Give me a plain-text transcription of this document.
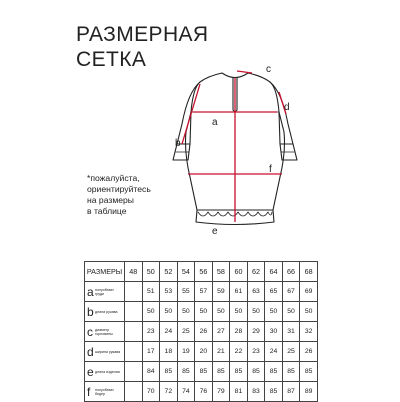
РАЗМЕРНАЯ
СЕТКА	c
d
a
b
f
e
*пожалуйста,
ориентируйтесь
на размеры
в таблице
РАЗМЕРЫ	48	50	52	54	56	58	60	62	64	66	68
aполуобхват груди		51	53	55	57	59	61	63	65	67	69
bдлина рукава		50	50	50	50	50	50	50	50	50	50
c диаметр горловины		23	24	25	26	27	28	29	30	31	32
dширина рукава		17	18	19	20	21	22	23	24	25	26
eдлина изделия		84	85	85	85	85	85	85	85	85	85
f полуобхват бедер		70	72	74	76	79	81	83	85	87	89
